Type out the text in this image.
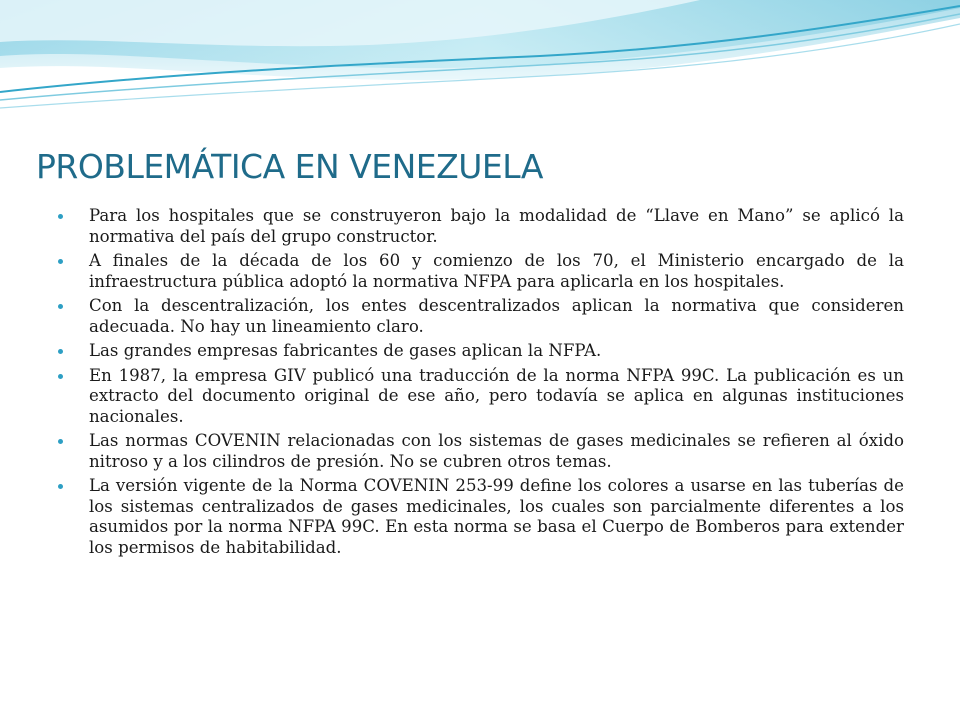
PROBLEMÁTICA EN VENEZUELA
Para los hospitales que se construyeron bajo la modalidad de “Llave en Mano” se aplicó la normativa del país del grupo constructor.
A finales de la década de los 60 y comienzo de los 70, el Ministerio encargado de la infraestructura pública adoptó la normativa NFPA para aplicarla en los hospitales.
Con la descentralización, los entes descentralizados aplican la normativa que consideren adecuada. No hay un lineamiento claro.
Las grandes empresas fabricantes de gases aplican la NFPA.
En 1987, la empresa GIV publicó una traducción de la norma NFPA 99C. La publicación es un extracto del documento original de ese año, pero todavía se aplica en algunas instituciones nacionales.
Las normas COVENIN relacionadas con los sistemas de gases medicinales se refieren al óxido nitroso y a los cilindros de presión. No se cubren otros temas.
La versión vigente de la Norma COVENIN 253-99 define los colores a usarse en las tuberías de los sistemas centralizados de gases medicinales, los cuales son parcialmente diferentes a los asumidos por la norma NFPA 99C. En esta norma se basa el Cuerpo de Bomberos para extender los permisos de habitabilidad.
